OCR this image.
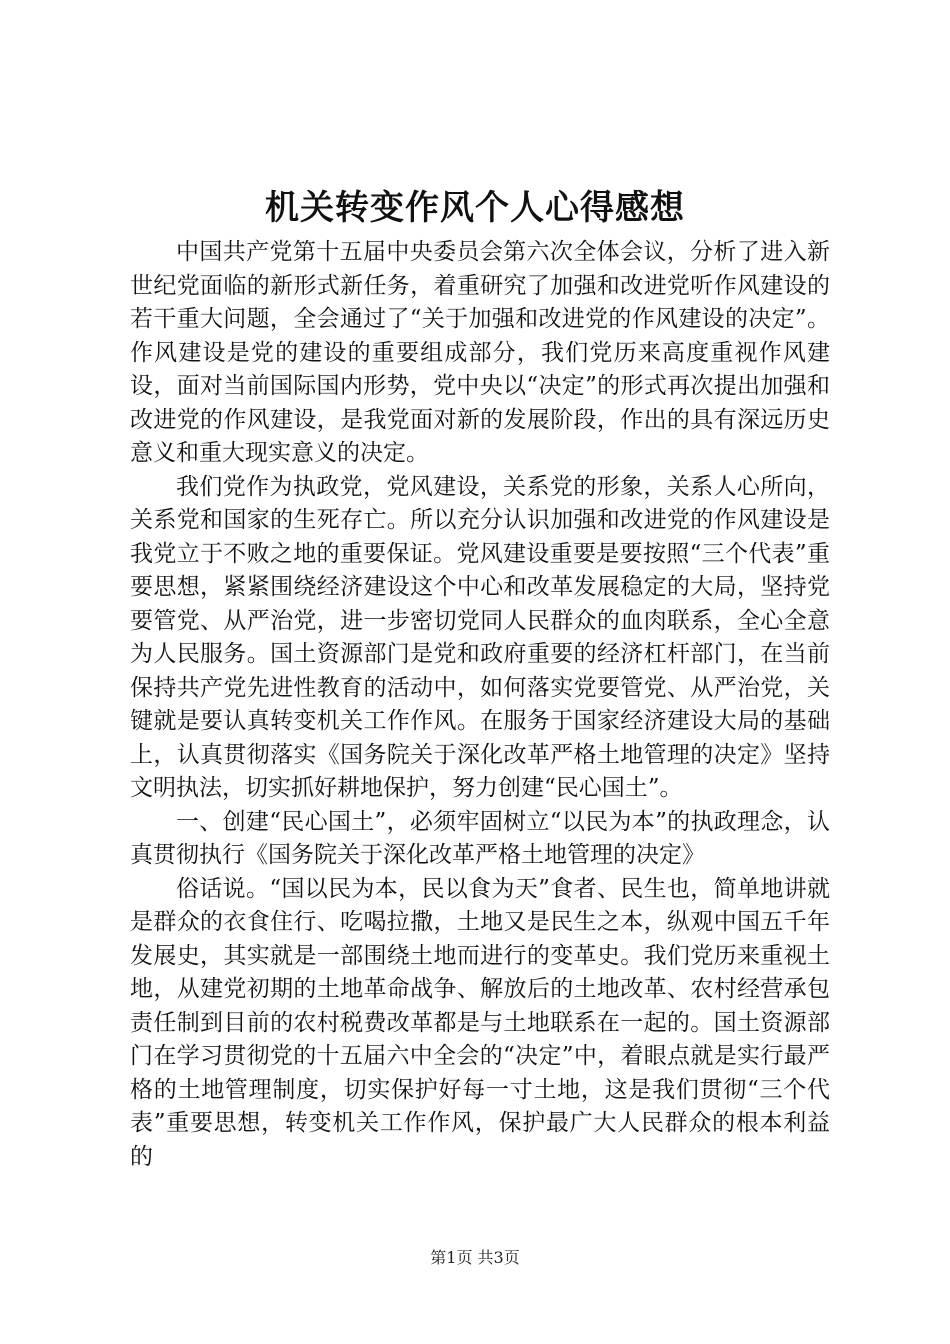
机关转变作风个人心得感想

中国共产党第十五届中央委员会第六次全体会议，分析了进入新世纪党面临的新形式新任务，着重研究了加强和改进党听作风建设的若干重大问题，全会通过了“关于加强和改进党的作风建设的决定”。作风建设是党的建设的重要组成部分，我们党历来高度重视作风建设，面对当前国际国内形势，党中央以“决定”的形式再次提出加强和改进党的作风建设，是我党面对新的发展阶段，作出的具有深远历史意义和重大现实意义的决定。

我们党作为执政党，党风建设，关系党的形象，关系人心所向，关系党和国家的生死存亡。所以充分认识加强和改进党的作风建设是我党立于不败之地的重要保证。党风建设重要是要按照“三个代表”重要思想，紧紧围绕经济建设这个中心和改革发展稳定的大局，坚持党要管党、从严治党，进一步密切党同人民群众的血肉联系，全心全意为人民服务。国土资源部门是党和政府重要的经济杠杆部门，在当前保持共产党先进性教育的活动中，如何落实党要管党、从严治党，关键就是要认真转变机关工作作风。在服务于国家经济建设大局的基础上，认真贯彻落实《国务院关于深化改革严格土地管理的决定》坚持文明执法，切实抓好耕地保护，努力创建“民心国土”。

一、创建“民心国土”，必须牢固树立“以民为本”的执政理念，认真贯彻执行《国务院关于深化改革严格土地管理的决定》

俗话说。“国以民为本，民以食为天”食者、民生也，简单地讲就是群众的衣食住行、吃喝拉撒，土地又是民生之本，纵观中国五千年发展史，其实就是一部围绕土地而进行的变革史。我们党历来重视土地，从建党初期的土地革命战争、解放后的土地改革、农村经营承包责任制到目前的农村税费改革都是与土地联系在一起的。国土资源部门在学习贯彻党的十五届六中全会的“决定”中，着眼点就是实行最严格的土地管理制度，切实保护好每一寸土地，这是我们贯彻“三个代表”重要思想，转变机关工作作风，保护最广大人民群众的根本利益的

第1页 共3页
